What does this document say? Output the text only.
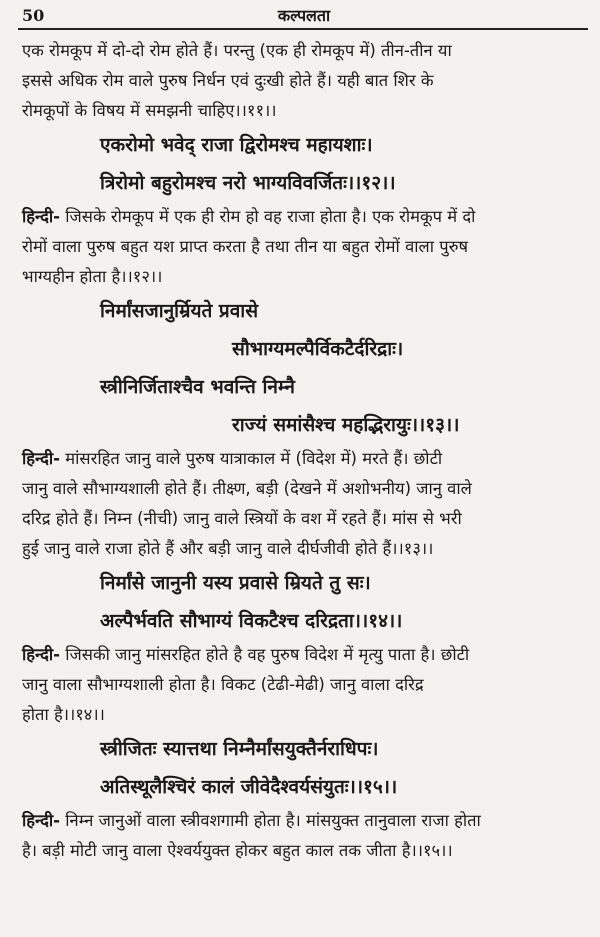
50	कल्पलता

एक रोमकूप में दो-दो रोम होते हैं। परन्तु (एक ही रोमकूप में) तीन-तीन या

इससे अधिक रोम वाले पुरुष निर्धन एवं दुःखी होते हैं। यही बात शिर के

रोमकूपों के विषय में समझनी चाहिए।।११।।

एकरोमो भवेद् राजा द्विरोमश्च महायशाः।

त्रिरोमो बहुरोमश्च नरो भाग्यविवर्जितः।।१२।।

हिन्दी- जिसके रोमकूप में एक ही रोम हो वह राजा होता है। एक रोमकूप में दो

रोमों वाला पुरुष बहुत यश प्राप्त करता है तथा तीन या बहुत रोमों वाला पुरुष

भाग्यहीन होता है।।१२।।

निर्मांसजानुर्म्रियते प्रवासे

सौभाग्यमल्पैर्विकटैर्दरिद्राः।

स्त्रीनिर्जिताश्चैव भवन्ति निम्नै

राज्यं समांसैश्च महद्भिरायुः।।१३।।

हिन्दी- मांसरहित जानु वाले पुरुष यात्राकाल में (विदेश में) मरते हैं। छोटी

जानु वाले सौभाग्यशाली होते हैं। तीक्ष्ण, बड़ी (देखने में अशोभनीय) जानु वाले

दरिद्र होते हैं। निम्न (नीची) जानु वाले स्त्रियों के वश में रहते हैं। मांस से भरी

हुई जानु वाले राजा होते हैं और बड़ी जानु वाले दीर्घजीवी होते हैं।।१३।।

निर्मांसे जानुनी यस्य प्रवासे म्रियते तु सः।

अल्पैर्भवति सौभाग्यं विकटैश्च दरिद्रता।।१४।।

हिन्दी- जिसकी जानु मांसरहित होते है वह पुरुष विदेश में मृत्यु पाता है। छोटी

जानु वाला सौभाग्यशाली होता है। विकट (टेढी-मेढी) जानु वाला दरिद्र

होता है।।१४।।

स्त्रीजितः स्यात्तथा निम्नैर्मांसयुक्तैर्नराधिपः।

अतिस्थूलैश्चिरं कालं जीवेदैश्वर्यसंयुतः।।१५।।

हिन्दी- निम्न जानुओं वाला स्त्रीवशगामी होता है। मांसयुक्त तानुवाला राजा होता

है। बड़ी मोटी जानु वाला ऐश्वर्ययुक्त होकर बहुत काल तक जीता है।।१५।।
